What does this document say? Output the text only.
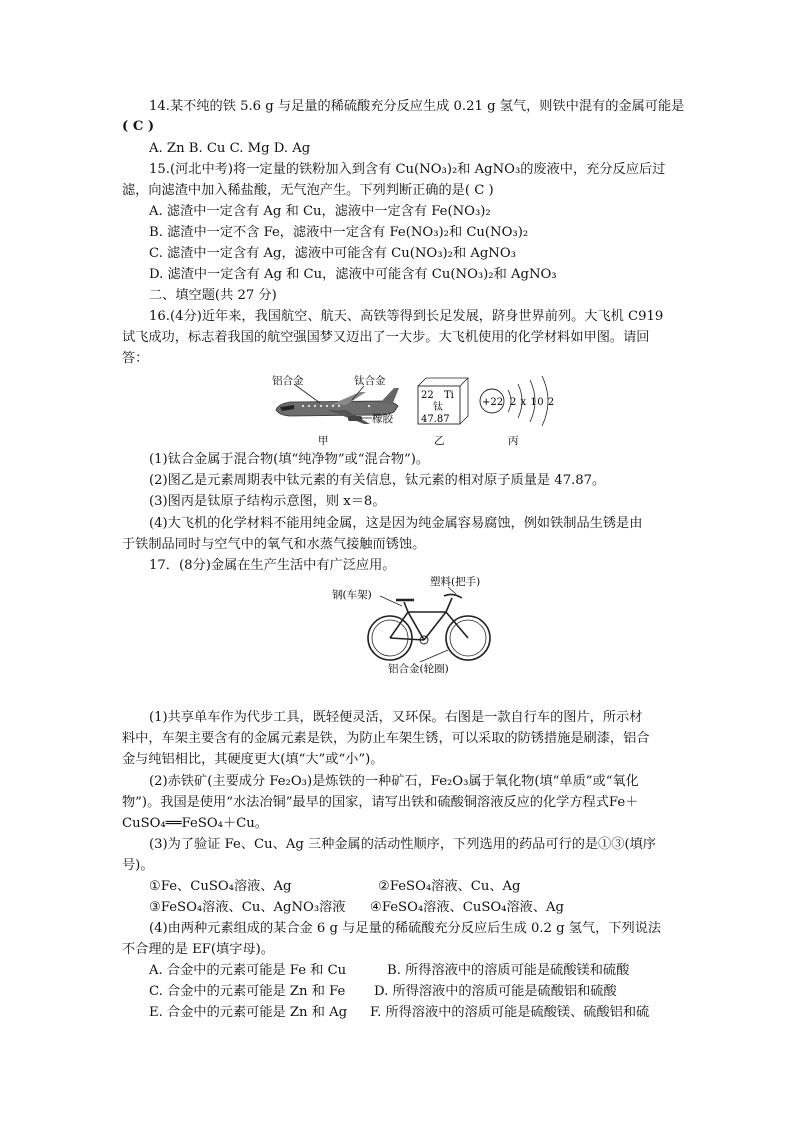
14.某不纯的铁 5.6 g 与足量的稀硫酸充分反应生成 0.21 g 氢气，则铁中混有的金属可能是
( C )
A. Zn B. Cu C. Mg D. Ag
15.(河北中考)将一定量的铁粉加入到含有 Cu(NO₃)₂和 AgNO₃的废液中，充分反应后过
滤，向滤渣中加入稀盐酸，无气泡产生。下列判断正确的是( C )
A. 滤渣中一定含有 Ag 和 Cu，滤液中一定含有 Fe(NO₃)₂
B. 滤渣中一定不含 Fe，滤液中一定含有 Fe(NO₃)₂和 Cu(NO₃)₂
C. 滤渣中一定含有 Ag，滤液中可能含有 Cu(NO₃)₂和 AgNO₃
D. 滤渣中一定含有 Ag 和 Cu，滤液中可能含有 Cu(NO₃)₂和 AgNO₃
二、填空题(共 27 分)
16.(4分)近年来，我国航空、航天、高铁等得到长足发展，跻身世界前列。大飞机 C919
试飞成功，标志着我国的航空强国梦又迈出了一大步。大飞机使用的化学材料如甲图。请回
答：
铝合金	钛合金
橡胶
甲
22 Ti
钛
47.87
乙
+22 2 x 10 2
丙
(1)钛合金属于混合物(填“纯净物”或“混合物”)。
(2)图乙是元素周期表中钛元素的有关信息，钛元素的相对原子质量是 47.87。
(3)图丙是钛原子结构示意图，则 x＝8。
(4)大飞机的化学材料不能用纯金属，这是因为纯金属容易腐蚀，例如铁制品生锈是由
于铁制品同时与空气中的氧气和水蒸气接触而锈蚀。
17．(8分)金属在生产生活中有广泛应用。
塑料(把手)
钢(车架)
铝合金(轮圈)
(1)共享单车作为代步工具，既轻便灵活，又环保。右图是一款自行车的图片，所示材
料中，车架主要含有的金属元素是铁，为防止车架生锈，可以采取的防锈措施是刷漆，铝合
金与纯铝相比，其硬度更大(填“大”或“小”)。
(2)赤铁矿(主要成分 Fe₂O₃)是炼铁的一种矿石，Fe₂O₃属于氧化物(填“单质”或“氧化
物”)。我国是使用“水法冶铜”最早的国家，请写出铁和硫酸铜溶液反应的化学方程式Fe＋
CuSO₄══FeSO₄＋Cu。
(3)为了验证 Fe、Cu、Ag 三种金属的活动性顺序，下列选用的药品可行的是①③(填序
号)。
①Fe、CuSO₄溶液、Ag	②FeSO₄溶液、Cu、Ag
③FeSO₄溶液、Cu、AgNO₃溶液 ④FeSO₄溶液、CuSO₄溶液、Ag
(4)由两种元素组成的某合金 6 g 与足量的稀硫酸充分反应后生成 0.2 g 氢气，下列说法
不合理的是 EF(填字母)。
A. 合金中的元素可能是 Fe 和 Cu	B. 所得溶液中的溶质可能是硫酸镁和硫酸
C. 合金中的元素可能是 Zn 和 Fe D. 所得溶液中的溶质可能是硫酸铝和硫酸
E. 合金中的元素可能是 Zn 和 Ag F. 所得溶液中的溶质可能是硫酸镁、硫酸铝和硫
